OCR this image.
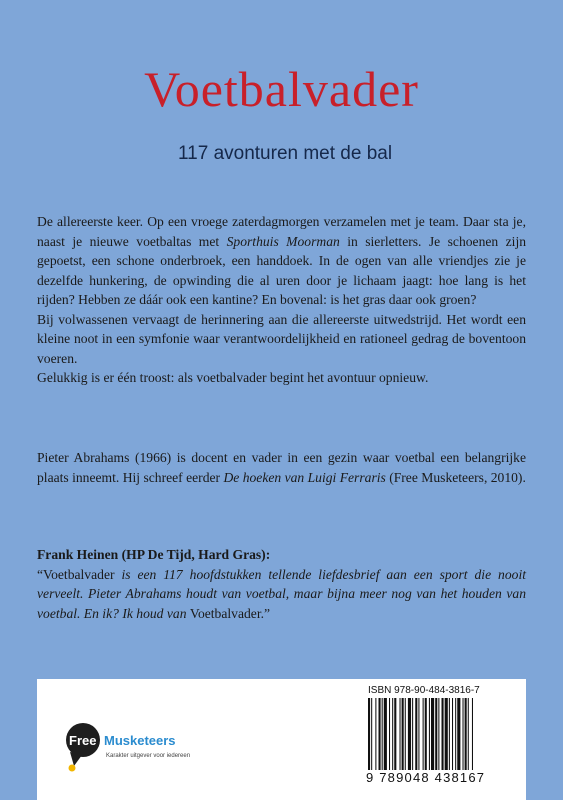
Voetbalvader
117 avonturen met de bal

De allereerste keer. Op een vroege zaterdagmorgen verzamelen met je team. Daar sta je, naast je nieuwe voetbaltas met Sporthuis Moorman in sierletters. Je schoenen zijn gepoetst, een schone onderbroek, een handdoek. In de ogen van alle vriendjes zie je dezelfde hunkering, de opwinding die al uren door je lichaam jaagt: hoe lang is het rijden? Hebben ze dáár ook een kantine? En bovenal: is het gras daar ook groen?

Bij volwassenen vervaagt de herinnering aan die allereerste uitwedstrijd. Het wordt een kleine noot in een symfonie waar verantwoordelijkheid en rationeel gedrag de boventoon voeren.

Gelukkig is er één troost: als voetbalvader begint het avontuur opnieuw.

Pieter Abrahams (1966) is docent en vader in een gezin waar voetbal een belangrijke plaats inneemt. Hij schreef eerder De hoeken van Luigi Ferraris (Free Musketeers, 2010).

Frank Heinen (HP De Tijd, Hard Gras):

“Voetbalvader is een 117 hoofdstukken tellende liefdesbrief aan een sport die nooit verveelt. Pieter Abrahams houdt van voetbal, maar bijna meer nog van het houden van voetbal. En ik? Ik houd van Voetbalvader.”

Free Musketeers
Karakter uitgever voor iedereen
ISBN 978-90-484-3816-7
9 789048 438167
